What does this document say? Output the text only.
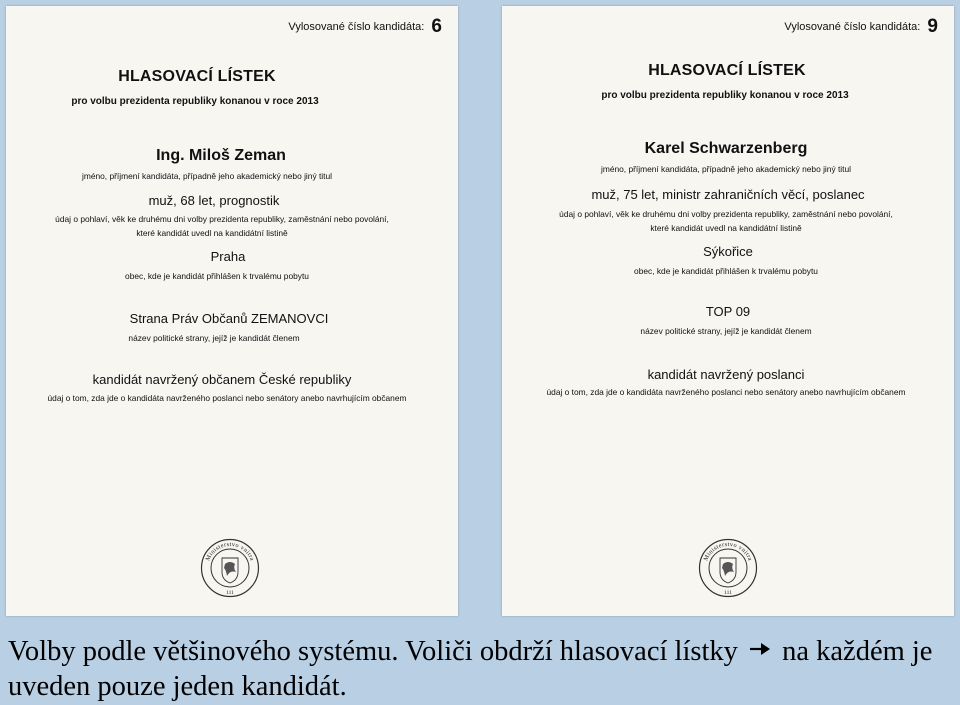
Vylosované číslo kandidáta: 6
HLASOVACÍ LÍSTEK
pro volbu prezidenta republiky konanou v roce 2013
Ing. Miloš Zeman
jméno, příjmení kandidáta, případně jeho akademický nebo jiný titul
muž, 68 let, prognostik
údaj o pohlaví, věk ke druhému dni volby prezidenta republiky, zaměstnání nebo povolání,
které kandidát uvedl na kandidátní listině
Praha
obec, kde je kandidát přihlášen k trvalému pobytu
Strana Práv Občanů ZEMANOVCI
název politické strany, jejíž je kandidát členem
kandidát navržený občanem České republiky
údaj o tom, zda jde o kandidáta navrženého poslanci nebo senátory anebo navrhujícím občanem
Ministerstvo vnitra
111
Vylosované číslo kandidáta: 9
HLASOVACÍ LÍSTEK
pro volbu prezidenta republiky konanou v roce 2013
Karel Schwarzenberg
jméno, příjmení kandidáta, případně jeho akademický nebo jiný titul
muž, 75 let, ministr zahraničních věcí, poslanec
údaj o pohlaví, věk ke druhému dni volby prezidenta republiky, zaměstnání nebo povolání,
které kandidát uvedl na kandidátní listině
Sýkořice
obec, kde je kandidát přihlášen k trvalému pobytu
TOP 09
název politické strany, jejíž je kandidát členem
kandidát navržený poslanci
údaj o tom, zda jde o kandidáta navrženého poslanci nebo senátory anebo navrhujícím občanem
Ministerstvo vnitra
111
Volby podle většinového systému. Voliči obdrží hlasovací lístky na každém je uveden pouze jeden kandidát.
